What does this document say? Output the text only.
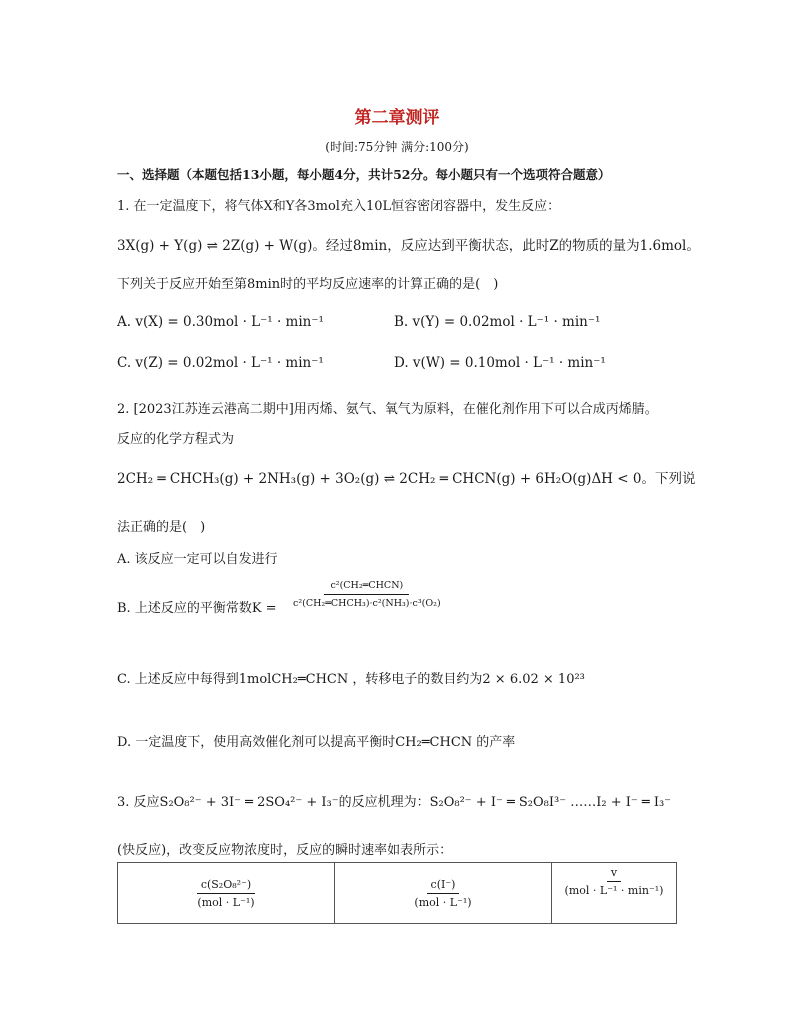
第二章测评
(时间:75分钟 满分:100分)
一、选择题（本题包括13小题，每小题4分，共计52分。每小题只有一个选项符合题意）
1. 在一定温度下，将气体X和Y各3mol充入10L恒容密闭容器中，发生反应：
3X(g) + Y(g) ⇌ 2Z(g) + W(g)。经过8min，反应达到平衡状态，此时Z的物质的量为1.6mol。
下列关于反应开始至第8min时的平均反应速率的计算正确的是(　)
A. v(X) = 0.30mol · L⁻¹ · min⁻¹	B. v(Y) = 0.02mol · L⁻¹ · min⁻¹
C. v(Z) = 0.02mol · L⁻¹ · min⁻¹	D. v(W) = 0.10mol · L⁻¹ · min⁻¹
2. [2023江苏连云港高二期中]用丙烯、氨气、氧气为原料，在催化剂作用下可以合成丙烯腈。
反应的化学方程式为
2CH₂ ═ CHCH₃(g) + 2NH₃(g) + 3O₂(g) ⇌ 2CH₂ ═ CHCN(g) + 6H₂O(g)ΔH < 0。下列说
法正确的是(　)
A. 该反应一定可以自发进行
B. 上述反应的平衡常数K =
c²(CH₂═CHCN)
c²(CH₂═CHCH₃)·c²(NH₃)·c³(O₂)
C. 上述反应中每得到1molCH₂═CHCN ，转移电子的数目约为2 × 6.02 × 10²³
D. 一定温度下，使用高效催化剂可以提高平衡时CH₂═CHCN 的产率
3. 反应S₂O₈²⁻ + 3I⁻ ═ 2SO₄²⁻ + I₃⁻的反应机理为：S₂O₈²⁻ + I⁻ ═ S₂O₈I³⁻ ……I₂ + I⁻ ═ I₃⁻
(快反应)，改变反应物浓度时，反应的瞬时速率如表所示：
$\frac{\text{c(S₂O₈²⁻)}}{\text{(mol · L⁻¹)}}$	$\frac{c(I^-)}{\text{(mol · L⁻¹)}}$	$\frac{v}{\text{(mol · L⁻¹ · min⁻¹)}}$
